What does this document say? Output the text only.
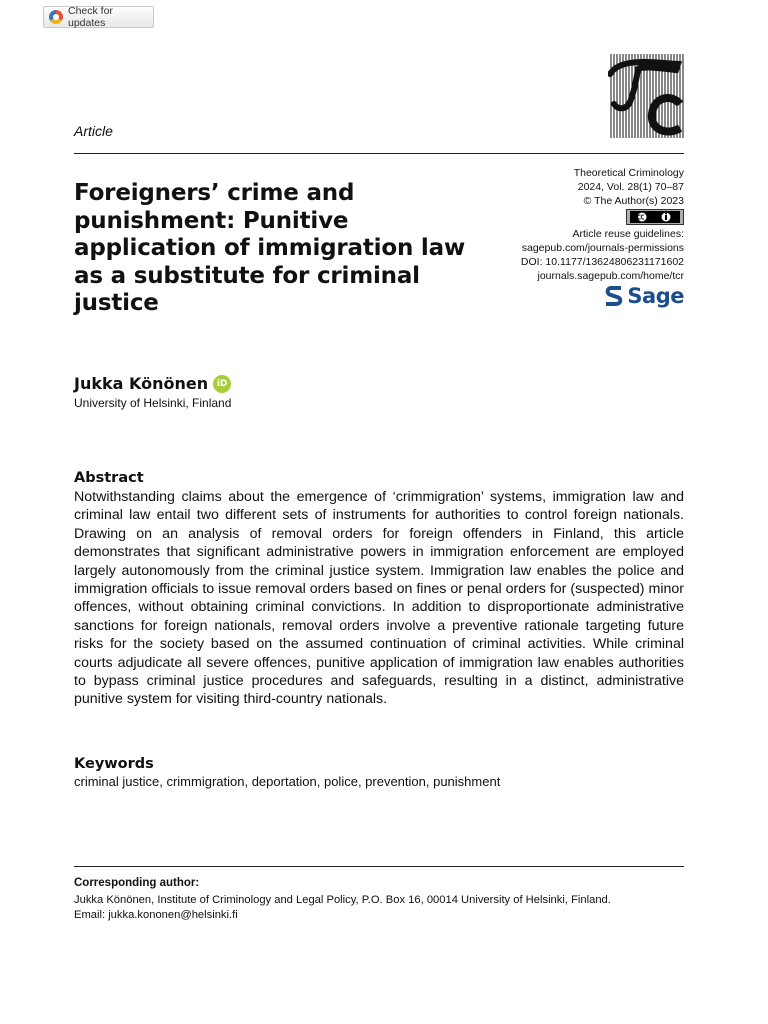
Check for updates
Article
Foreigners’ crime and punishment: Punitive application of immigration law as a substitute for criminal justice
Theoretical Criminology
2024, Vol. 28(1) 70–87
© The Author(s) 2023
Article reuse guidelines:
sagepub.com/journals-permissions
DOI: 10.1177/13624806231171602
journals.sagepub.com/home/tcr
Sage
Jukka Könönen iD
University of Helsinki, Finland
Abstract

Notwithstanding claims about the emergence of ‘crimmigration’ systems, immigration law and criminal law entail two different sets of instruments for authorities to control foreign nationals. Drawing on an analysis of removal orders for foreign offenders in Finland, this article demonstrates that significant administrative powers in immigration enforcement are employed largely autonomously from the criminal justice system. Immigration law enables the police and immigration officials to issue removal orders based on fines or penal orders for (suspected) minor offences, without obtaining criminal convictions. In addition to disproportionate administrative sanctions for foreign nationals, removal orders involve a preventive rationale targeting future risks for the society based on the assumed continuation of criminal activities. While criminal courts adjudicate all severe offences, punitive application of immigration law enables authorities to bypass criminal justice procedures and safeguards, resulting in a distinct, administrative punitive system for visiting third-country nationals.

Keywords
criminal justice, crimmigration, deportation, police, prevention, punishment
Corresponding author:
Jukka Könönen, Institute of Criminology and Legal Policy, P.O. Box 16, 00014 University of Helsinki, Finland.
Email: jukka.kononen@helsinki.fi
